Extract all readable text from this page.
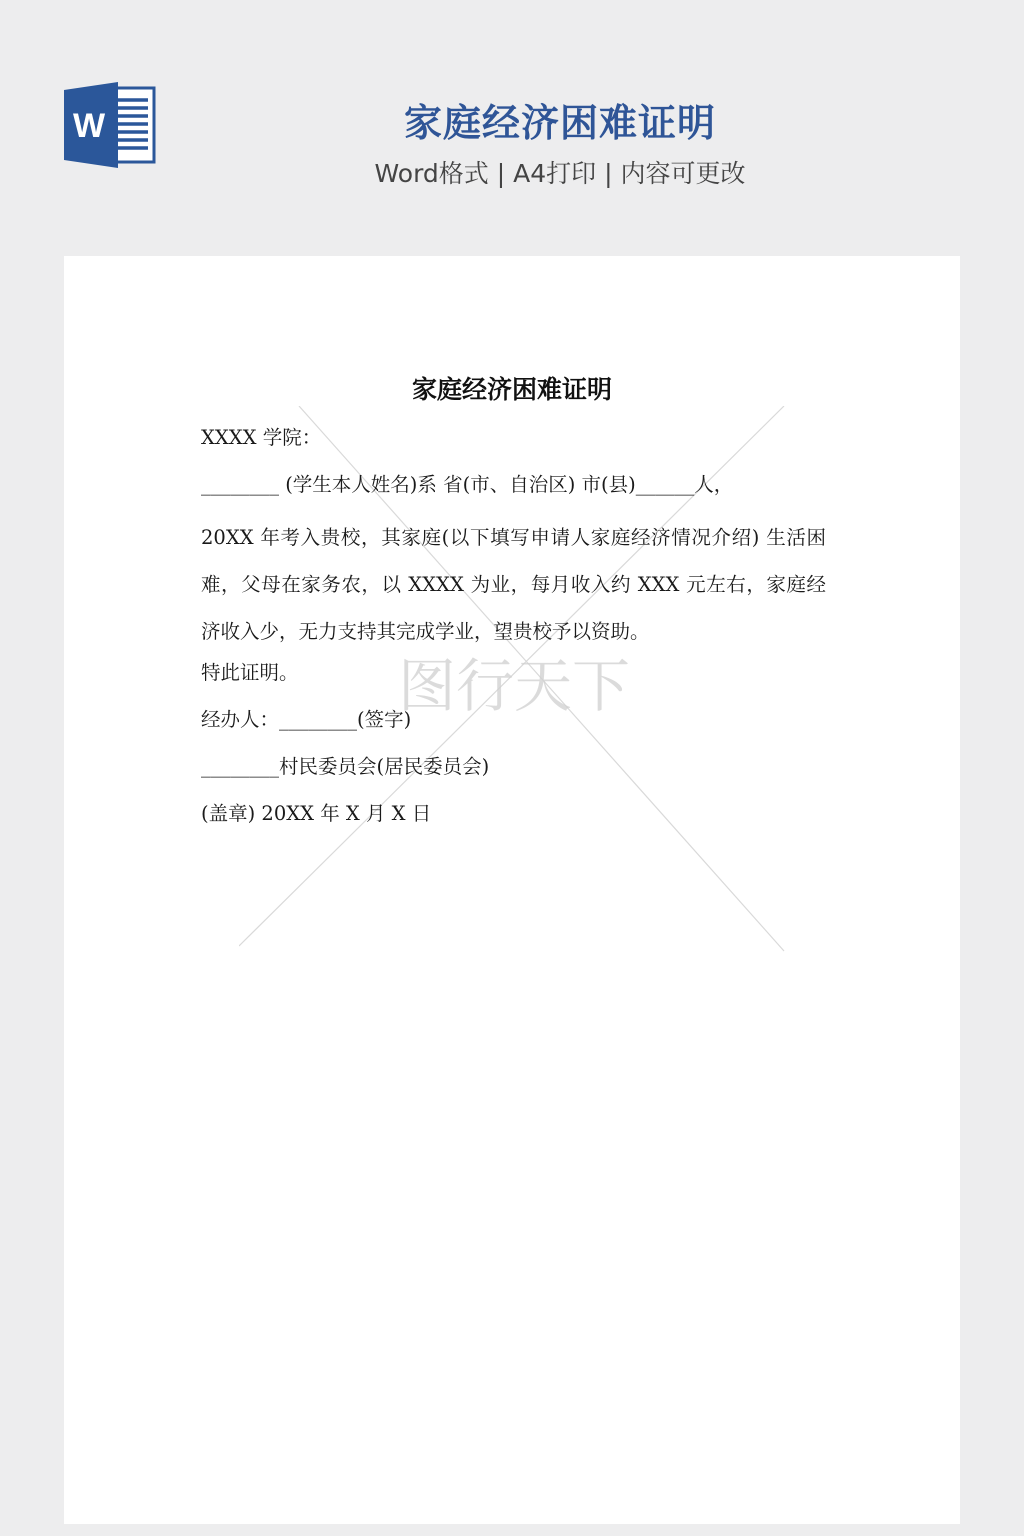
W	家庭经济困难证明
Word格式 | A4打印 | 内容可更改
图行天下
家庭经济困难证明
XXXX 学院：
________ (学生本人姓名)系 省(市、自治区) 市(县)______人，
20XX 年考入贵校，其家庭(以下填写申请人家庭经济情况介绍) 生活困难，父母在家务农，以 XXXX 为业，每月收入约 XXX 元左右，家庭经济收入少，无力支持其完成学业，望贵校予以资助。
特此证明。
经办人：________(签字)
________村民委员会(居民委员会)
(盖章) 20XX 年 X 月 X 日
